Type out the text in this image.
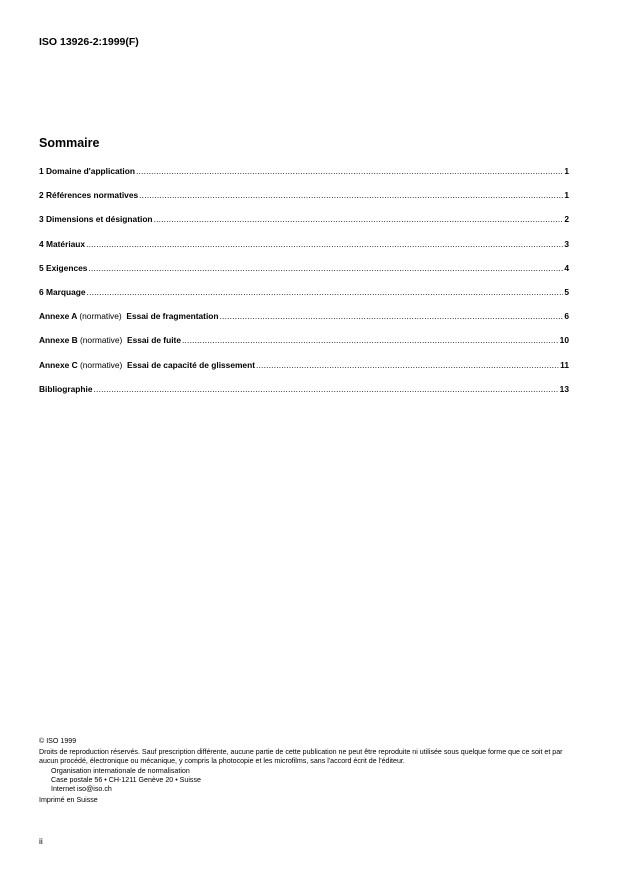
ISO 13926-2:1999(F)
Sommaire
1 Domaine d'application .....	1
2 Références normatives .....	1
3 Dimensions et désignation .....	2
4 Matériaux .....	3
5 Exigences .....	4
6 Marquage .....	5
Annexe A (normative) Essai de fragmentation .....	6
Annexe B (normative) Essai de fuite .....	10
Annexe C (normative) Essai de capacité de glissement .....	11
Bibliographie .....	13

© ISO 1999

Droits de reproduction réservés. Sauf prescription différente, aucune partie de cette publication ne peut être reproduite ni utilisée sous quelque forme que ce soit et par aucun procédé, électronique ou mécanique, y compris la photocopie et les microfilms, sans l'accord écrit de l'éditeur.

Organisation internationale de normalisation

Case postale 56 • CH-1211 Genève 20 • Suisse

Internet iso@iso.ch

Imprimé en Suisse

ii
